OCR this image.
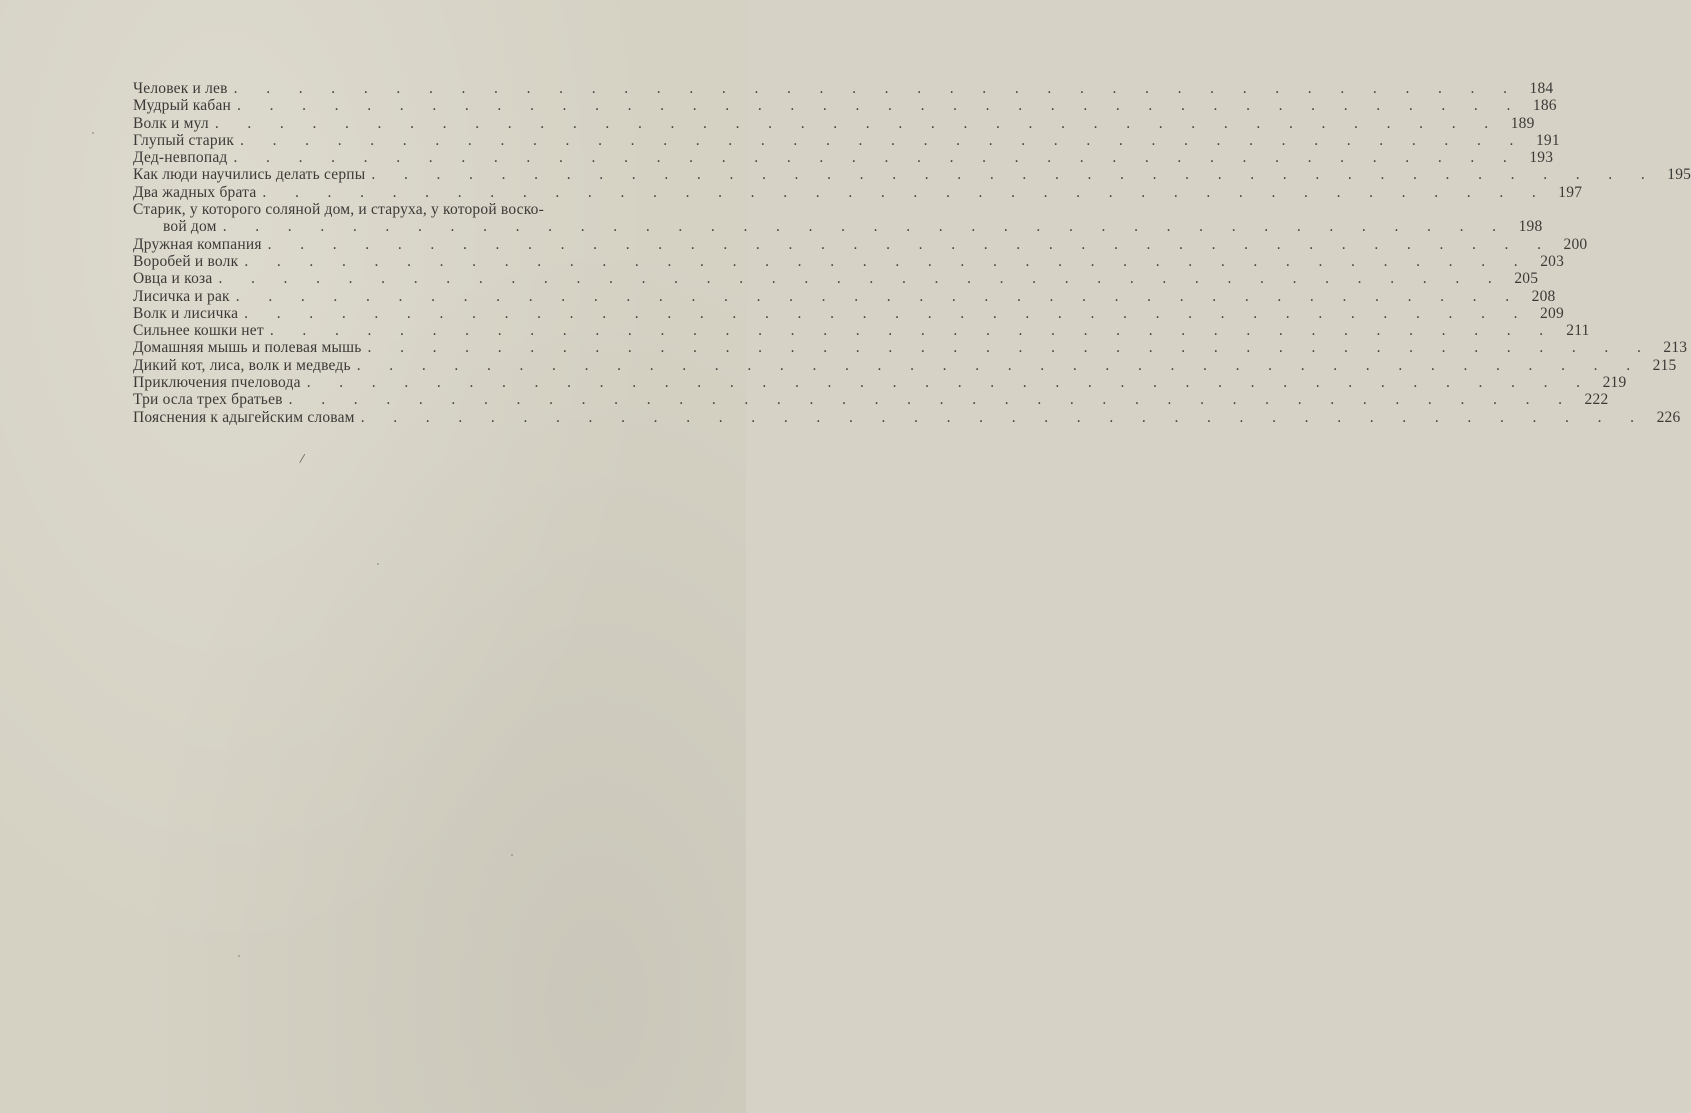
Человек и лев . . . . . . . . . . . . . . . . . . . . . . . . . . . . . . . . . . . . . . . . 184
Мудрый кабан . . . . . . . . . . . . . . . . . . . . . . . . . . . . . . . . . . . . . . . . 186
Волк и мул . . . . . . . . . . . . . . . . . . . . . . . . . . . . . . . . . . . . . . . . 189
Глупый старик . . . . . . . . . . . . . . . . . . . . . . . . . . . . . . . . . . . . . . . . 191
Дед-невпопад . . . . . . . . . . . . . . . . . . . . . . . . . . . . . . . . . . . . . . . . 193
Как люди научились делать серпы . . . . . . . . . . . . . . . . . . . . . . . . . . . . . . . . . . . . . . . . 195
Два жадных брата . . . . . . . . . . . . . . . . . . . . . . . . . . . . . . . . . . . . . . . . 197
Старик, у которого соляной дом, и старуха, у которой воско-
вой дом . . . . . . . . . . . . . . . . . . . . . . . . . . . . . . . . . . . . . . . . 198
Дружная компания . . . . . . . . . . . . . . . . . . . . . . . . . . . . . . . . . . . . . . . . 200
Воробей и волк . . . . . . . . . . . . . . . . . . . . . . . . . . . . . . . . . . . . . . . . 203
Овца и коза . . . . . . . . . . . . . . . . . . . . . . . . . . . . . . . . . . . . . . . . 205
Лисичка и рак . . . . . . . . . . . . . . . . . . . . . . . . . . . . . . . . . . . . . . . . 208
Волк и лисичка . . . . . . . . . . . . . . . . . . . . . . . . . . . . . . . . . . . . . . . . 209
Сильнее кошки нет . . . . . . . . . . . . . . . . . . . . . . . . . . . . . . . . . . . . . . . . 211
Домашняя мышь и полевая мышь . . . . . . . . . . . . . . . . . . . . . . . . . . . . . . . . . . . . . . . . 213
Дикий кот, лиса, волк и медведь . . . . . . . . . . . . . . . . . . . . . . . . . . . . . . . . . . . . . . . . 215
Приключения пчеловода . . . . . . . . . . . . . . . . . . . . . . . . . . . . . . . . . . . . . . . . 219
Три осла трех братьев . . . . . . . . . . . . . . . . . . . . . . . . . . . . . . . . . . . . . . . . 222
Пояснения к адыгейским словам . . . . . . . . . . . . . . . . . . . . . . . . . . . . . . . . . . . . . . . . 226
/
